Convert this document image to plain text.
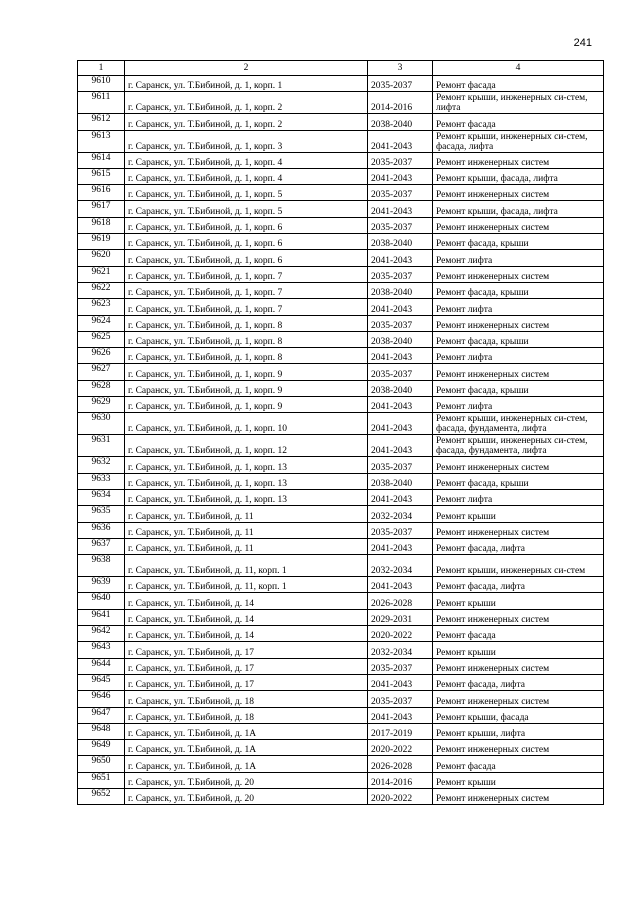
241
1	2	3	4
9610	г. Саранск, ул. Т.Бибиной, д. 1, корп. 1	2035-2037	Ремонт фасада
9611	г. Саранск, ул. Т.Бибиной, д. 1, корп. 2	2014-2016	Ремонт крыши, инженерных си-стем, лифта
9612	г. Саранск, ул. Т.Бибиной, д. 1, корп. 2	2038-2040	Ремонт фасада
9613	г. Саранск, ул. Т.Бибиной, д. 1, корп. 3	2041-2043	Ремонт крыши, инженерных си-стем, фасада, лифта
9614	г. Саранск, ул. Т.Бибиной, д. 1, корп. 4	2035-2037	Ремонт инженерных систем
9615	г. Саранск, ул. Т.Бибиной, д. 1, корп. 4	2041-2043	Ремонт крыши, фасада, лифта
9616	г. Саранск, ул. Т.Бибиной, д. 1, корп. 5	2035-2037	Ремонт инженерных систем
9617	г. Саранск, ул. Т.Бибиной, д. 1, корп. 5	2041-2043	Ремонт крыши, фасада, лифта
9618	г. Саранск, ул. Т.Бибиной, д. 1, корп. 6	2035-2037	Ремонт инженерных систем
9619	г. Саранск, ул. Т.Бибиной, д. 1, корп. 6	2038-2040	Ремонт фасада, крыши
9620	г. Саранск, ул. Т.Бибиной, д. 1, корп. 6	2041-2043	Ремонт лифта
9621	г. Саранск, ул. Т.Бибиной, д. 1, корп. 7	2035-2037	Ремонт инженерных систем
9622	г. Саранск, ул. Т.Бибиной, д. 1, корп. 7	2038-2040	Ремонт фасада, крыши
9623	г. Саранск, ул. Т.Бибиной, д. 1, корп. 7	2041-2043	Ремонт лифта
9624	г. Саранск, ул. Т.Бибиной, д. 1, корп. 8	2035-2037	Ремонт инженерных систем
9625	г. Саранск, ул. Т.Бибиной, д. 1, корп. 8	2038-2040	Ремонт фасада, крыши
9626	г. Саранск, ул. Т.Бибиной, д. 1, корп. 8	2041-2043	Ремонт лифта
9627	г. Саранск, ул. Т.Бибиной, д. 1, корп. 9	2035-2037	Ремонт инженерных систем
9628	г. Саранск, ул. Т.Бибиной, д. 1, корп. 9	2038-2040	Ремонт фасада, крыши
9629	г. Саранск, ул. Т.Бибиной, д. 1, корп. 9	2041-2043	Ремонт лифта
9630	г. Саранск, ул. Т.Бибиной, д. 1, корп. 10	2041-2043	Ремонт крыши, инженерных си-стем, фасада, фундамента, лифта
9631	г. Саранск, ул. Т.Бибиной, д. 1, корп. 12	2041-2043	Ремонт крыши, инженерных си-стем, фасада, фундамента, лифта
9632	г. Саранск, ул. Т.Бибиной, д. 1, корп. 13	2035-2037	Ремонт инженерных систем
9633	г. Саранск, ул. Т.Бибиной, д. 1, корп. 13	2038-2040	Ремонт фасада, крыши
9634	г. Саранск, ул. Т.Бибиной, д. 1, корп. 13	2041-2043	Ремонт лифта
9635	г. Саранск, ул. Т.Бибиной, д. 11	2032-2034	Ремонт крыши
9636	г. Саранск, ул. Т.Бибиной, д. 11	2035-2037	Ремонт инженерных систем
9637	г. Саранск, ул. Т.Бибиной, д. 11	2041-2043	Ремонт фасада, лифта
9638	г. Саранск, ул. Т.Бибиной, д. 11, корп. 1	2032-2034	Ремонт крыши, инженерных си-стем
9639	г. Саранск, ул. Т.Бибиной, д. 11, корп. 1	2041-2043	Ремонт фасада, лифта
9640	г. Саранск, ул. Т.Бибиной, д. 14	2026-2028	Ремонт крыши
9641	г. Саранск, ул. Т.Бибиной, д. 14	2029-2031	Ремонт инженерных систем
9642	г. Саранск, ул. Т.Бибиной, д. 14	2020-2022	Ремонт фасада
9643	г. Саранск, ул. Т.Бибиной, д. 17	2032-2034	Ремонт крыши
9644	г. Саранск, ул. Т.Бибиной, д. 17	2035-2037	Ремонт инженерных систем
9645	г. Саранск, ул. Т.Бибиной, д. 17	2041-2043	Ремонт фасада, лифта
9646	г. Саранск, ул. Т.Бибиной, д. 18	2035-2037	Ремонт инженерных систем
9647	г. Саранск, ул. Т.Бибиной, д. 18	2041-2043	Ремонт крыши, фасада
9648	г. Саранск, ул. Т.Бибиной, д. 1А	2017-2019	Ремонт крыши, лифта
9649	г. Саранск, ул. Т.Бибиной, д. 1А	2020-2022	Ремонт инженерных систем
9650	г. Саранск, ул. Т.Бибиной, д. 1А	2026-2028	Ремонт фасада
9651	г. Саранск, ул. Т.Бибиной, д. 20	2014-2016	Ремонт крыши
9652	г. Саранск, ул. Т.Бибиной, д. 20	2020-2022	Ремонт инженерных систем
